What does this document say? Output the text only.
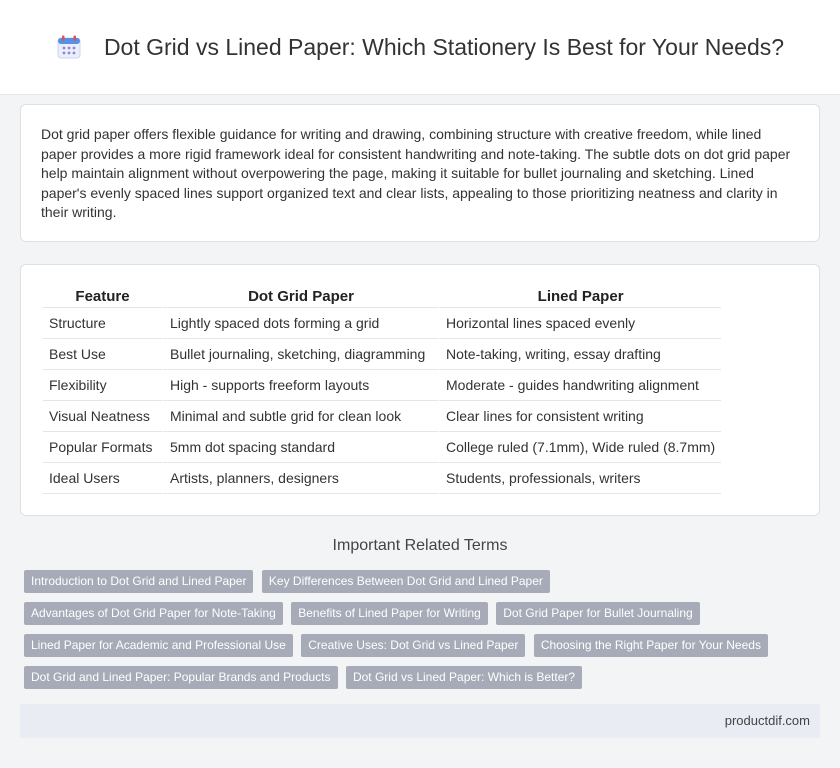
Dot Grid vs Lined Paper: Which Stationery Is Best for Your Needs?

Dot grid paper offers flexible guidance for writing and drawing, combining structure with creative freedom, while lined paper provides a more rigid framework ideal for consistent handwriting and note-taking. The subtle dots on dot grid paper help maintain alignment without overpowering the page, making it suitable for bullet journaling and sketching. Lined paper's evenly spaced lines support organized text and clear lists, appealing to those prioritizing neatness and clarity in their writing.

Feature	Dot Grid Paper	Lined Paper
Structure	Lightly spaced dots forming a grid	Horizontal lines spaced evenly
Best Use	Bullet journaling, sketching, diagramming	Note-taking, writing, essay drafting
Flexibility	High - supports freeform layouts	Moderate - guides handwriting alignment
Visual Neatness	Minimal and subtle grid for clean look	Clear lines for consistent writing
Popular Formats	5mm dot spacing standard	College ruled (7.1mm), Wide ruled (8.7mm)
Ideal Users	Artists, planners, designers	Students, professionals, writers
Important Related Terms
Introduction to Dot Grid and Lined Paper Key Differences Between Dot Grid and Lined Paper Advantages of Dot Grid Paper for Note-Taking Benefits of Lined Paper for Writing Dot Grid Paper for Bullet Journaling Lined Paper for Academic and Professional Use Creative Uses: Dot Grid vs Lined Paper Choosing the Right Paper for Your Needs Dot Grid and Lined Paper: Popular Brands and Products Dot Grid vs Lined Paper: Which is Better?
productdif.com
